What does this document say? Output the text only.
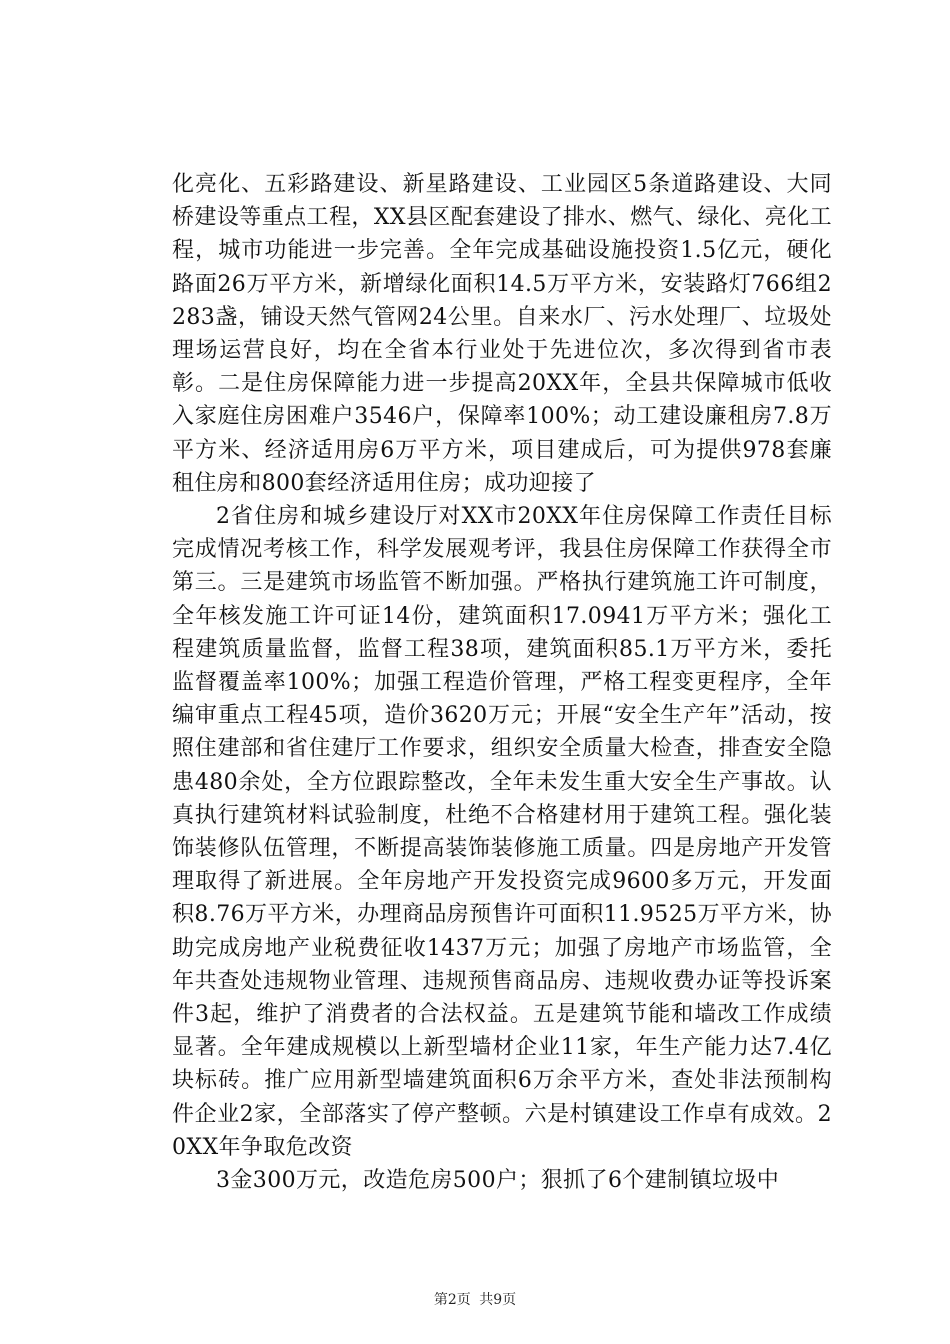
化亮化、五彩路建设、新星路建设、工业园区5条道路建设、大同桥建设等重点工程，XX县区配套建设了排水、燃气、绿化、亮化工程，城市功能进一步完善。全年完成基础设施投资1.5亿元，硬化路面26万平方米，新增绿化面积14.5万平方米，安装路灯766组2283盏，铺设天然气管网24公里。自来水厂、污水处理厂、垃圾处理场运营良好，均在全省本行业处于先进位次，多次得到省市表彰。二是住房保障能力进一步提高20XX年，全县共保障城市低收入家庭住房困难户3546户，保障率100%；动工建设廉租房7.8万平方米、经济适用房6万平方米，项目建成后，可为提供978套廉租住房和800套经济适用住房；成功迎接了

2省住房和城乡建设厅对XX市20XX年住房保障工作责任目标完成情况考核工作，科学发展观考评，我县住房保障工作获得全市第三。三是建筑市场监管不断加强。严格执行建筑施工许可制度，全年核发施工许可证14份，建筑面积17.0941万平方米；强化工程建筑质量监督，监督工程38项，建筑面积85.1万平方米，委托监督覆盖率100%；加强工程造价管理，严格工程变更程序，全年编审重点工程45项，造价3620万元；开展“安全生产年”活动，按照住建部和省住建厅工作要求，组织安全质量大检查，排查安全隐患480余处，全方位跟踪整改，全年未发生重大安全生产事故。认真执行建筑材料试验制度，杜绝不合格建材用于建筑工程。强化装饰装修队伍管理，不断提高装饰装修施工质量。四是房地产开发管理取得了新进展。全年房地产开发投资完成9600多万元，开发面积8.76万平方米，办理商品房预售许可面积11.9525万平方米，协助完成房地产业税费征收1437万元；加强了房地产市场监管，全年共查处违规物业管理、违规预售商品房、违规收费办证等投诉案件3起，维护了消费者的合法权益。五是建筑节能和墙改工作成绩显著。全年建成规模以上新型墙材企业11家，年生产能力达7.4亿块标砖。推广应用新型墙建筑面积6万余平方米，查处非法预制构件企业2家，全部落实了停产整顿。六是村镇建设工作卓有成效。20XX年争取危改资

3金300万元，改造危房500户；狠抓了6个建制镇垃圾中

第2页 共9页
